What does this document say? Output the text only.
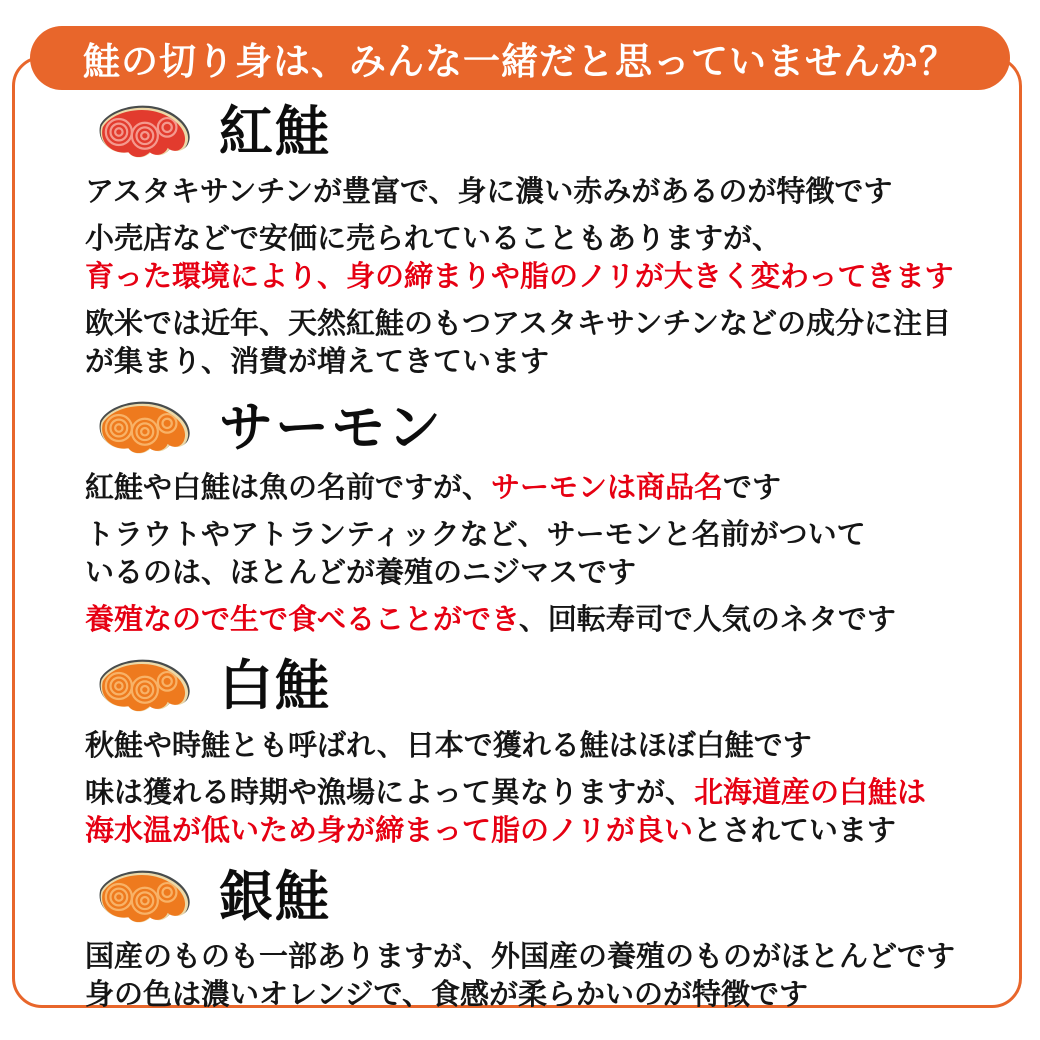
鮭の切り身は、みんな一緒だと思っていませんか？
紅鮭

アスタキサンチンが豊富で、身に濃い赤みがあるのが特徴です

小売店などで安価に売られていることもありますが、
育った環境により、身の締まりや脂のノリが大きく変わってきます

欧米では近年、天然紅鮭のもつアスタキサンチンなどの成分に注目
が集まり、消費が増えてきています

サーモン

紅鮭や白鮭は魚の名前ですが、サーモンは商品名です

トラウトやアトランティックなど、サーモンと名前がついて
いるのは、ほとんどが養殖のニジマスです

養殖なので生で食べることができ、回転寿司で人気のネタです

白鮭

秋鮭や時鮭とも呼ばれ、日本で獲れる鮭はほぼ白鮭です

味は獲れる時期や漁場によって異なりますが、北海道産の白鮭は
海水温が低いため身が締まって脂のノリが良いとされています

銀鮭

国産のものも一部ありますが、外国産の養殖のものがほとんどです
身の色は濃いオレンジで、食感が柔らかいのが特徴です
